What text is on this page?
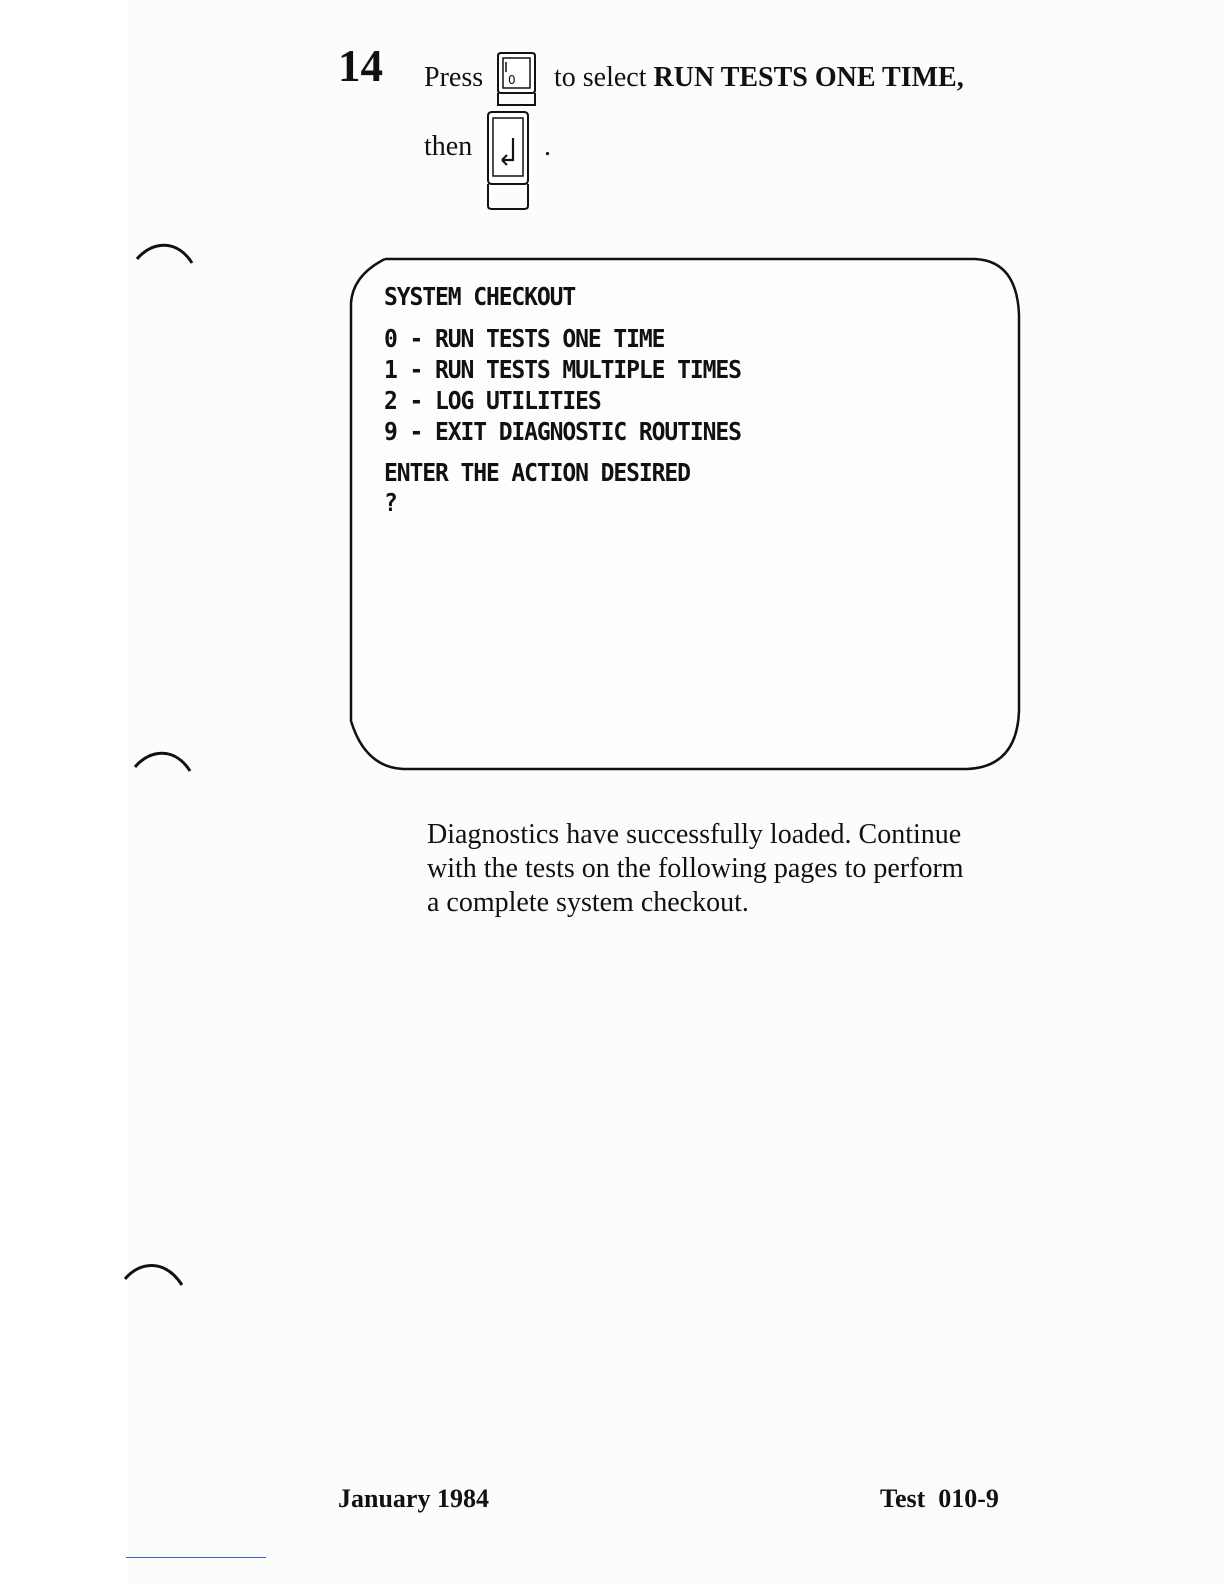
14 Press 0 to select RUN TESTS ONE TIME,
then	.
SYSTEM CHECKOUT
0 - RUN TESTS ONE TIME
1 - RUN TESTS MULTIPLE TIMES
2 - LOG UTILITIES
9 - EXIT DIAGNOSTIC ROUTINES
ENTER THE ACTION DESIRED
?
Diagnostics have successfully loaded. Continue
with the tests on the following pages to perform
a complete system checkout.
January 1984	Test  010-9
